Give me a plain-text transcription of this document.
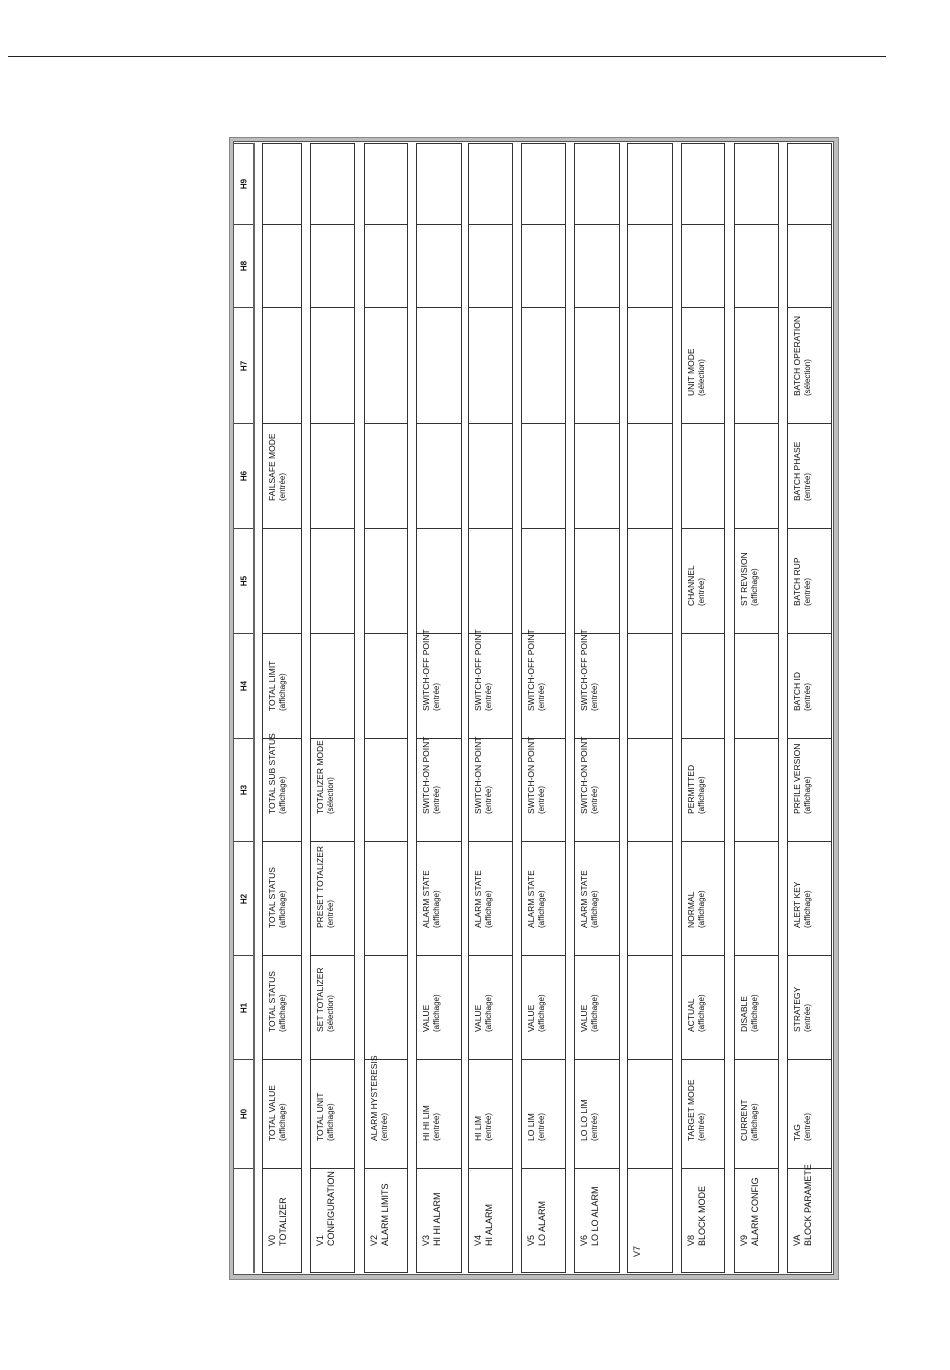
H9
H8
H7
H6
H5
H4
H3
H2
H1
H0
FAILSAFE MODE (entrée)
TOTAL LIMIT (affichage)
TOTAL SUB STATUS (affichage)
TOTAL STATUS (affichage)
TOTAL STATUS (affichage)
TOTAL VALUE (affichage)
V0 TOTALIZER
TOTALIZER MODE (sélection)
PRESET TOTALIZER (entrée)
SET TOTALIZER (sélection)
TOTAL UNIT (affichage)
V1 CONFIGURATION
ALARM HYSTERESIS (entrée)
V2 ALARM LIMITS
SWITCH-OFF POINT (entrée)
SWITCH-ON POINT (entrée)
ALARM STATE (affichage)
VALUE (affichage)
HI HI LIM (entrée)
V3 HI HI ALARM
SWITCH-OFF POINT (entrée)
SWITCH-ON POINT (entrée)
ALARM STATE (affichage)
VALUE (affichage)
HI LIM (entrée)
V4 HI ALARM
SWITCH-OFF POINT (entrée)
SWITCH-ON POINT (entrée)
ALARM STATE (affichage)
VALUE (affichage)
LO LIM (entrée)
V5 LO ALARM
SWITCH-OFF POINT (entrée)
SWITCH-ON POINT (entrée)
ALARM STATE (affichage)
VALUE (affichage)
LO LO LIM (entrée)
V6 LO LO ALARM
V7
UNIT MODE (sélection)
CHANNEL (entrée)
PERMITTED (affichage)
NORMAL (affichage)
ACTUAL (affichage)
TARGET MODE (entrée)
V8 BLOCK MODE
ST REVISION (affichage)
DISABLE (affichage)
CURRENT (affichage)
V9 ALARM CONFIG
BATCH OPERATION (sélection)
BATCH PHASE (entrée)
BATCH RUP (entrée)
BATCH ID (entrée)
PRFILE VERSION (affichage)
ALERT KEY (affichage)
STRATEGY (entrée)
TAG (entrée)
VA BLOCK PARAMETE
